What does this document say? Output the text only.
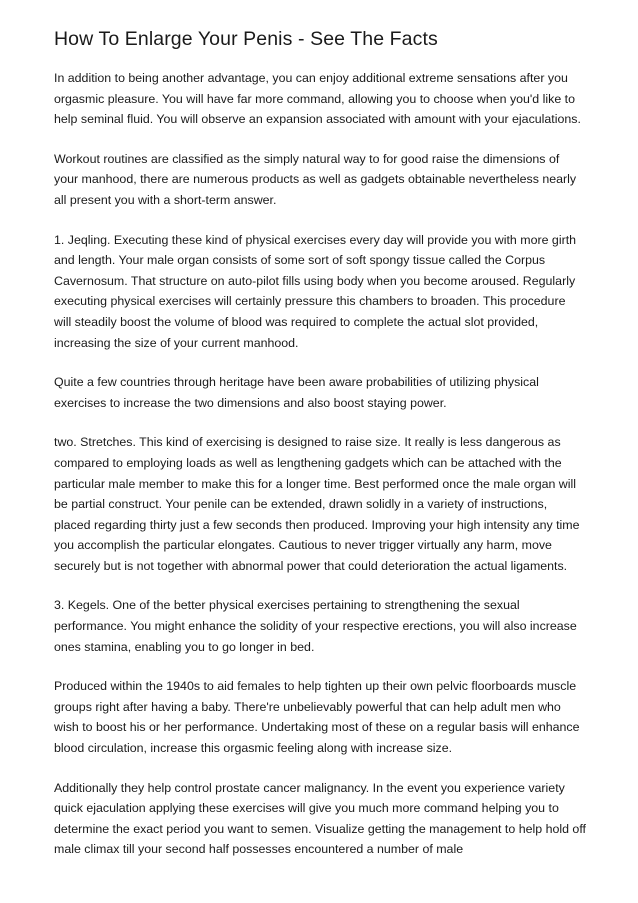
How To Enlarge Your Penis - See The Facts

In addition to being another advantage, you can enjoy additional extreme sensations after you orgasmic pleasure. You will have far more command, allowing you to choose when you'd like to help seminal fluid. You will observe an expansion associated with amount with your ejaculations.

Workout routines are classified as the simply natural way to for good raise the dimensions of your manhood, there are numerous products as well as gadgets obtainable nevertheless nearly all present you with a short-term answer.

1. Jeqling. Executing these kind of physical exercises every day will provide you with more girth and length. Your male organ consists of some sort of soft spongy tissue called the Corpus Cavernosum. That structure on auto-pilot fills using body when you become aroused. Regularly executing physical exercises will certainly pressure this chambers to broaden. This procedure will steadily boost the volume of blood was required to complete the actual slot provided, increasing the size of your current manhood.

Quite a few countries through heritage have been aware probabilities of utilizing physical exercises to increase the two dimensions and also boost staying power.

two. Stretches. This kind of exercising is designed to raise size. It really is less dangerous as compared to employing loads as well as lengthening gadgets which can be attached with the particular male member to make this for a longer time. Best performed once the male organ will be partial construct. Your penile can be extended, drawn solidly in a variety of instructions, placed regarding thirty just a few seconds then produced. Improving your high intensity any time you accomplish the particular elongates. Cautious to never trigger virtually any harm, move securely but is not together with abnormal power that could deterioration the actual ligaments.

3. Kegels. One of the better physical exercises pertaining to strengthening the sexual performance. You might enhance the solidity of your respective erections, you will also increase ones stamina, enabling you to go longer in bed.

Produced within the 1940s to aid females to help tighten up their own pelvic floorboards muscle groups right after having a baby. There're unbelievably powerful that can help adult men who wish to boost his or her performance. Undertaking most of these on a regular basis will enhance blood circulation, increase this orgasmic feeling along with increase size.

Additionally they help control prostate cancer malignancy. In the event you experience variety quick ejaculation applying these exercises will give you much more command helping you to determine the exact period you want to semen. Visualize getting the management to help hold off male climax till your second half possesses encountered a number of male
